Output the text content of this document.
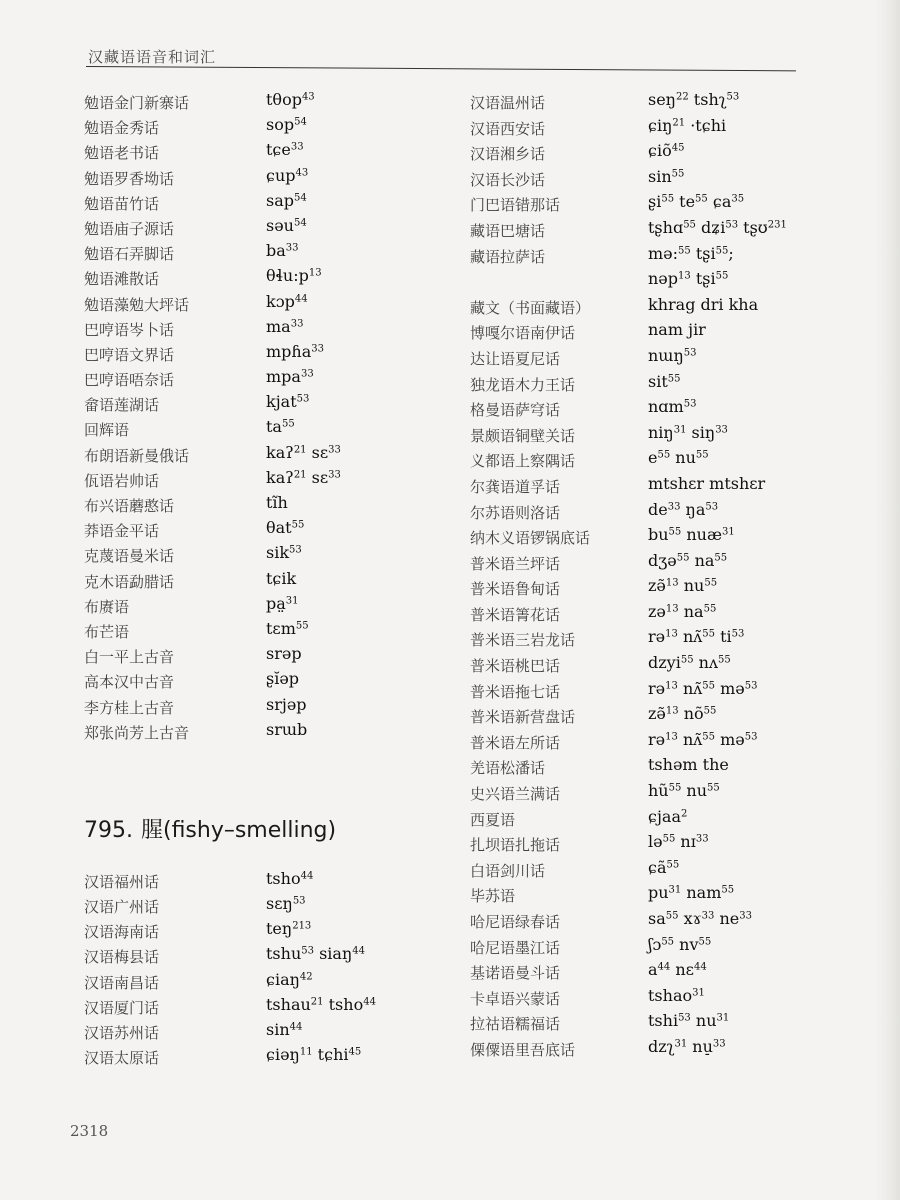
汉藏语语音和词汇
勉语金门新寨话	tθop$^{43}$
勉语金秀话	sop$^{54}$
勉语老书话	tɕe$^{33}$
勉语罗香坳话	ɕup$^{43}$
勉语苗竹话	sap$^{54}$
勉语庙子源话	səu$^{54}$
勉语石弄脚话	$ba^{33}$
勉语滩散话	$\theta ɬu:p^{13}$
勉语藻勉大坪话	kɔp$^{44}$
巴哼语岑卜话	$ma^{33}$
巴哼语文界话	mpɦa$^{33}$
巴哼语唔奈话	mpa$^{33}$
畲语莲湖话	kjat$^{53}$
回辉语	$ta^{55}$
布朗语新曼俄话	kaʔ$^{21}$ sɛ$^{33}$
佤语岩帅话	kaʔ$^{21}$ sɛ$^{33}$
布兴语蘑憨话	tĩh
莽语金平话	θat$^{55}$
克蔑语曼米话	sik$^{53}$
克木语勐腊话	tɕik
布赓语	pa̤$^{31}$
布芒语	tɛm$^{55}$
白一平上古音	srəp
高本汉中古音	ʂĭəp
李方桂上古音	srjəp
郑张尚芳上古音	srɯb
795. 腥(fishy–smelling)
汉语福州话	tsho$^{44}$
汉语广州话	sɛŋ$^{53}$
汉语海南话	teŋ$^{213}$
汉语梅县话	tshu$^{53}$ siaŋ$^{44}$
汉语南昌话	ɕiaŋ$^{42}$
汉语厦门话	tshau$^{21}$ tsho$^{44}$
汉语苏州话	$\sin^{44}$
汉语太原话	ɕiəŋ$^{11}$ tɕhi$^{45}$
汉语温州话	seŋ$^{22}$ tshʅ$^{53}$
汉语西安话	ɕiŋ$^{21}$ ·tɕhi
汉语湘乡话	ɕiõ$^{45}$
汉语长沙话	$\sin^{55}$
门巴语错那话	ʂi$^{55}$ $te^{55}$ ɕa$^{35}$
藏语巴塘话	tʂhɑ$^{55}$ dʑi$^{53}$ tʂʊ$^{231}$
藏语拉萨话	mə:$^{55}$ tʂi$^{55}$;
nəp$^{13}$ tʂi$^{55}$
藏文（书面藏语）	khrag dri kha
博嘎尔语南伊话	nam jir
达让语夏尼话	nɯŋ$^{53}$
独龙语木力王话	sit$^{55}$
格曼语萨穹话	nɑm$^{53}$
景颇语铜壁关话	niŋ$^{31}$ siŋ$^{33}$
义都语上察隅话	$e^{55}$ $nu^{55}$
尔龚语道孚话	mtshɛr mtshɛr
尔苏语则洛话	$de^{33}$ $ŋa^{53}$
纳木义语锣锅底话	$bu^{55}$ nuæ$^{31}$
普米语兰坪话	dʒə$^{55}$ $na^{55}$
普米语鲁甸话	zə̃$^{13}$ $nu^{55}$
普米语箐花话	zə$^{13}$ $na^{55}$
普米语三岩龙话	rə$^{13}$ nʌ̃$^{55}$ $ti^{53}$
普米语桃巴话	dzyi$^{55}$ nʌ$^{55}$
普米语拖七话	rə$^{13}$ nʌ̃$^{55}$ mə$^{53}$
普米语新营盘话	zə̃$^{13}$ $nõ^{55}$
普米语左所话	rə$^{13}$ nʌ̃$^{55}$ mə$^{53}$
羌语松潘话	tshəm the
史兴语兰满话	$hũ^{55}$ $nu^{55}$
西夏语	ɕjaa$^2$
扎坝语扎拖话	lə$^{55}$ nɪ$^{33}$
白语剑川话	ɕã$^{55}$
毕苏语	$pu^{31}$ nam$^{55}$
哈尼语绿春话	$sa^{55}$ xɤ$^{33}$ $ne^{33}$
哈尼语墨江话	ʃɔ$^{55}$ $nv^{55}$
基诺语曼斗话	$a^{44}$ nɛ$^{44}$
卡卓语兴蒙话	tshao$^{31}$
拉祜语糯福话	tshi$^{53}$ $nu^{31}$
傈僳语里吾底话	dzʅ$^{31}$ nu̠$^{33}$
2318
